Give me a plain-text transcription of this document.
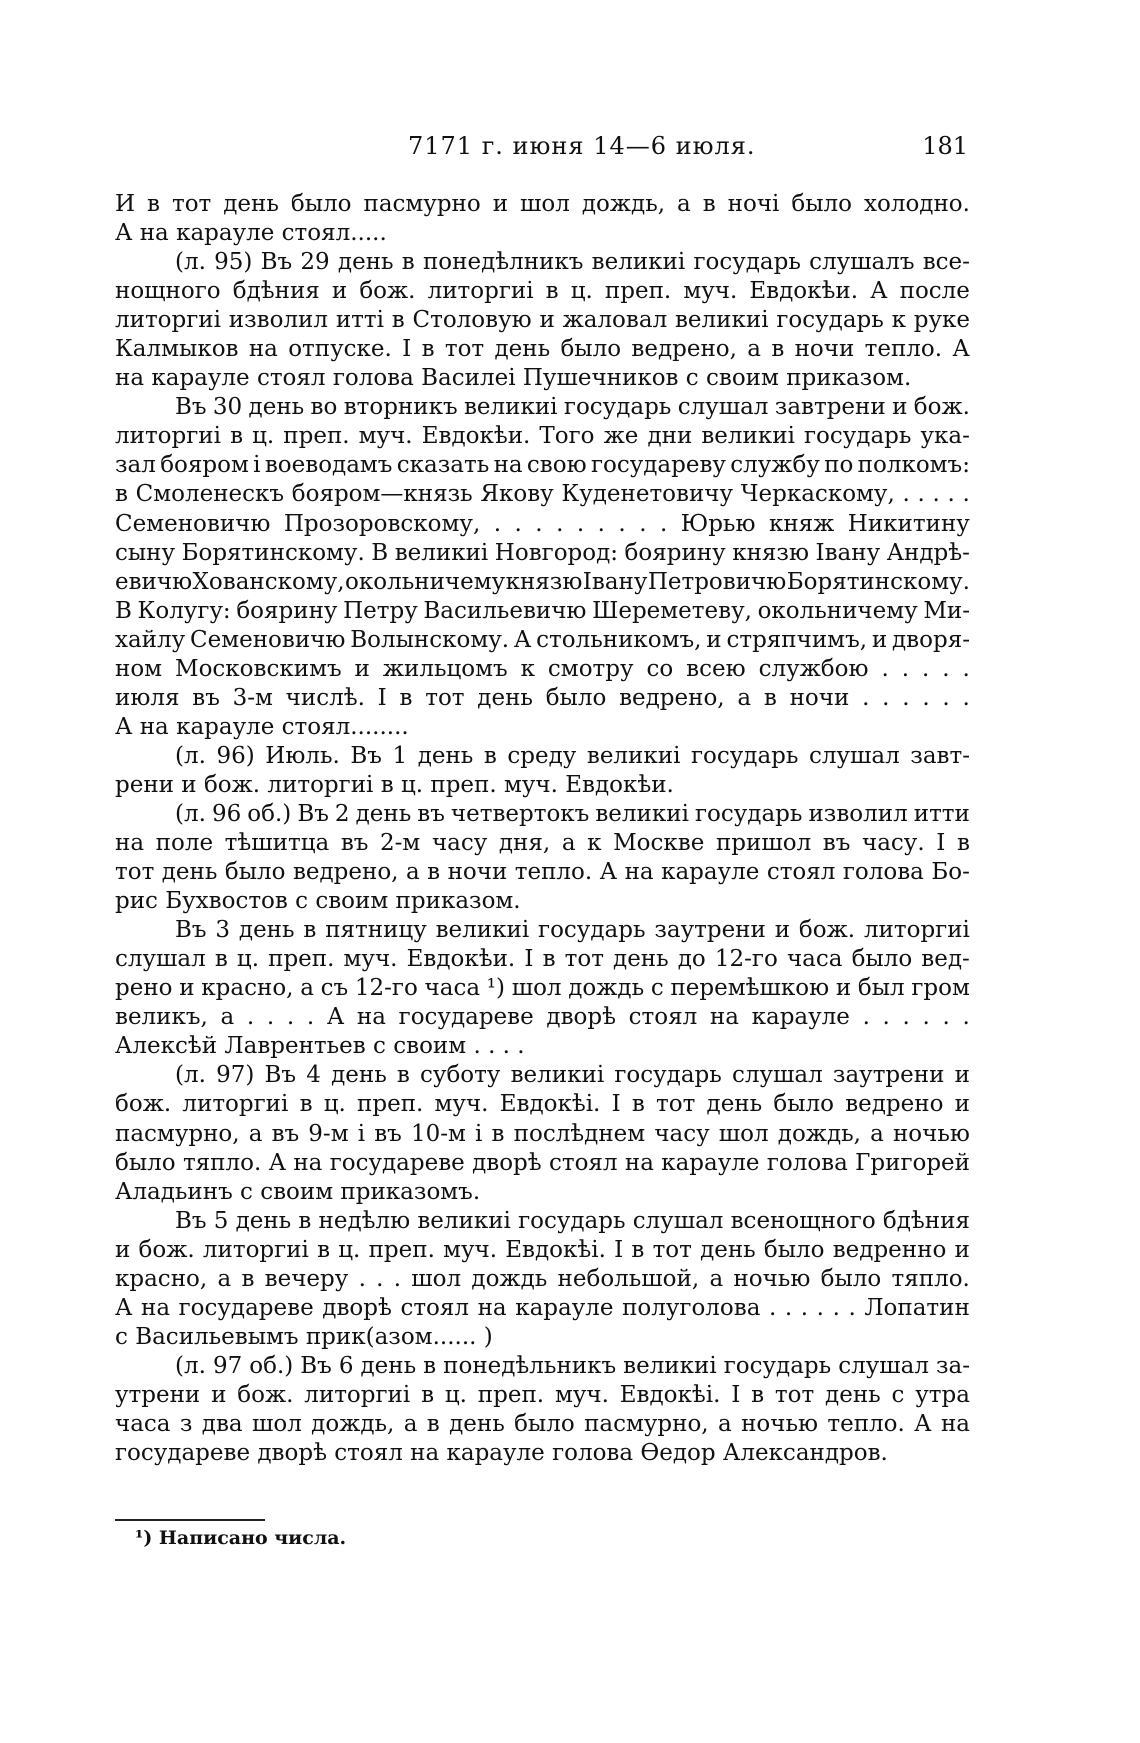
7171 г. июня 14—6 июля.	181
И в тот день было пасмурно и шол дождь, а в ночі было холодно.
А на карауле стоял.....
(л. 95) Въ 29 день в понедѣлникъ великиі государь слушалъ все-
нощного бдѣния и бож. литоргиі в ц. преп. муч. Евдокѣи. А после
литоргиі изволил итті в Столовую и жаловал великиі государь к руке
Калмыков на отпуске. І в тот день было ведрено, а в ночи тепло. А
на карауле стоял голова Василеі Пушечников с своим приказом.
Въ 30 день во вторникъ великиі государь слушал завтрени и бож.
литоргиі в ц. преп. муч. Евдокѣи. Того же дни великиі государь ука-
зал бояром і воеводамъ сказать на свою государеву службу по полкомъ:
в Смоленескъ бояром—князь Якову Куденетовичу Черкаскому, . . . . .
Семеновичю Прозоровскому, . . . . . . . . . Юрью княж Никитину
сыну Борятинскому. В великиі Новгород: боярину князю Івану Андрѣ-
евичю Хованскому, окольничему князю Івану Петровичю Борятинскому.
В Колугу: боярину Петру Васильевичю Шереметеву, окольничему Ми-
хайлу Семеновичю Волынскому. А стольникомъ, и стряпчимъ, и дворя-
ном Московскимъ и жильцомъ к смотру со всею службою . . . . .
июля въ 3-м числѣ. І в тот день было ведрено, а в ночи . . . . . .
А на карауле стоял........
(л. 96) Июль. Въ 1 день в среду великиі государь слушал завт-
рени и бож. литоргиі в ц. преп. муч. Евдокѣи.
(л. 96 об.) Въ 2 день въ четвертокъ великиі государь изволил итти
на поле тѣшитца въ 2-м часу дня, а к Москве пришол въ часу. І в
тот день было ведрено, а в ночи тепло. А на карауле стоял голова Бо-
рис Бухвостов с своим приказом.
Въ 3 день в пятницу великиі государь заутрени и бож. литоргиі
слушал в ц. преп. муч. Евдокѣи. І в тот день до 12-го часа было вед-
рено и красно, а съ 12-го часа ¹) шол дождь с перемѣшкою и был гром
великъ, а . . . . А на государеве дворѣ стоял на карауле . . . . . .
Алексѣй Лаврентьев с своим . . . .
(л. 97) Въ 4 день в суботу великиі государь слушал заутрени и
бож. литоргиі в ц. преп. муч. Евдокѣі. І в тот день было ведрено и
пасмурно, а въ 9-м і въ 10-м і в послѣднем часу шол дождь, а ночью
было тяпло. А на государеве дворѣ стоял на карауле голова Григорей
Аладьинъ с своим приказомъ.
Въ 5 день в недѣлю великиі государь слушал всенощного бдѣния
и бож. литоргиі в ц. преп. муч. Евдокѣі. І в тот день было ведренно и
красно, а в вечеру . . . шол дождь небольшой, а ночью было тяпло.
А на государеве дворѣ стоял на карауле полуголова . . . . . . Лопатин
с Васильевымъ прик(азом...... )
(л. 97 об.) Въ 6 день в понедѣльникъ великиі государь слушал за-
утрени и бож. литоргиі в ц. преп. муч. Евдокѣі. І в тот день с утра
часа з два шол дождь, а в день было пасмурно, а ночью тепло. А на
государеве дворѣ стоял на карауле голова Өедор Александров.
¹) Написано числа.
